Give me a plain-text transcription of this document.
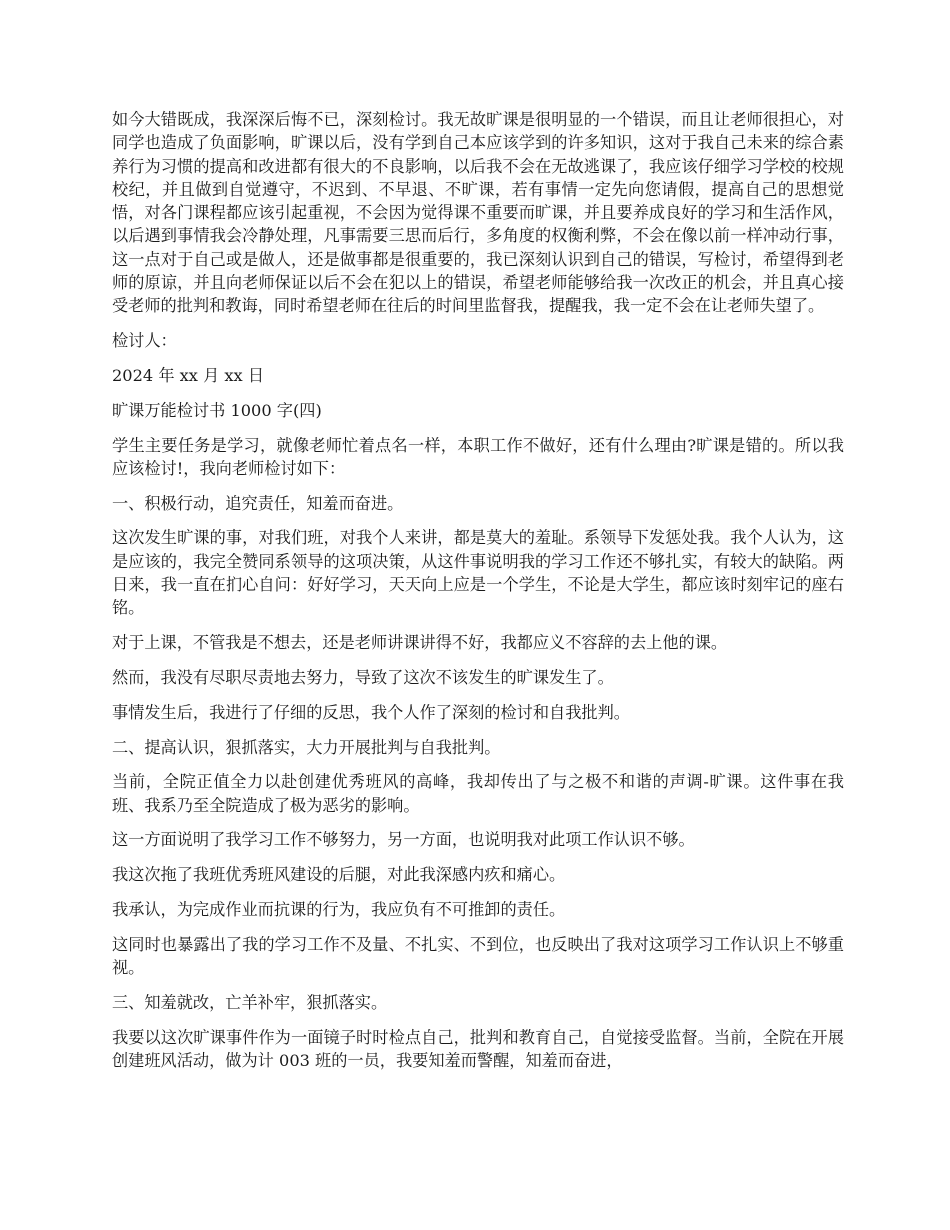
如今大错既成，我深深后悔不已，深刻检讨。我无故旷课是很明显的一个错误，而且让老师很担心，对同学也造成了负面影响，旷课以后，没有学到自己本应该学到的许多知识，这对于我自己未来的综合素养行为习惯的提高和改进都有很大的不良影响，以后我不会在无故逃课了，我应该仔细学习学校的校规校纪，并且做到自觉遵守，不迟到、不早退、不旷课，若有事情一定先向您请假，提高自己的思想觉悟，对各门课程都应该引起重视，不会因为觉得课不重要而旷课，并且要养成良好的学习和生活作风，以后遇到事情我会冷静处理，凡事需要三思而后行，多角度的权衡利弊，不会在像以前一样冲动行事，这一点对于自己或是做人，还是做事都是很重要的，我已深刻认识到自己的错误，写检讨，希望得到老师的原谅，并且向老师保证以后不会在犯以上的错误，希望老师能够给我一次改正的机会，并且真心接受老师的批判和教诲，同时希望老师在往后的时间里监督我，提醒我，我一定不会在让老师失望了。

检讨人：

2024 年 xx 月 xx 日

旷课万能检讨书 1000 字(四)

学生主要任务是学习，就像老师忙着点名一样，本职工作不做好，还有什么理由?旷课是错的。所以我应该检讨!，我向老师检讨如下：

一、积极行动，追究责任，知羞而奋进。

这次发生旷课的事，对我们班，对我个人来讲，都是莫大的羞耻。系领导下发惩处我。我个人认为，这是应该的，我完全赞同系领导的这项决策，从这件事说明我的学习工作还不够扎实，有较大的缺陷。两日来，我一直在扪心自问：好好学习，天天向上应是一个学生，不论是大学生，都应该时刻牢记的座右铭。

对于上课，不管我是不想去，还是老师讲课讲得不好，我都应义不容辞的去上他的课。

然而，我没有尽职尽责地去努力，导致了这次不该发生的旷课发生了。

事情发生后，我进行了仔细的反思，我个人作了深刻的检讨和自我批判。

二、提高认识，狠抓落实，大力开展批判与自我批判。

当前，全院正值全力以赴创建优秀班风的高峰，我却传出了与之极不和谐的声调-旷课。这件事在我班、我系乃至全院造成了极为恶劣的影响。

这一方面说明了我学习工作不够努力，另一方面，也说明我对此项工作认识不够。

我这次拖了我班优秀班风建设的后腿，对此我深感内疚和痛心。

我承认，为完成作业而抗课的行为，我应负有不可推卸的责任。

这同时也暴露出了我的学习工作不及量、不扎实、不到位，也反映出了我对这项学习工作认识上不够重视。

三、知羞就改，亡羊补牢，狠抓落实。

我要以这次旷课事件作为一面镜子时时检点自己，批判和教育自己，自觉接受监督。当前，全院在开展创建班风活动，做为计 003 班的一员，我要知羞而警醒，知羞而奋进，
